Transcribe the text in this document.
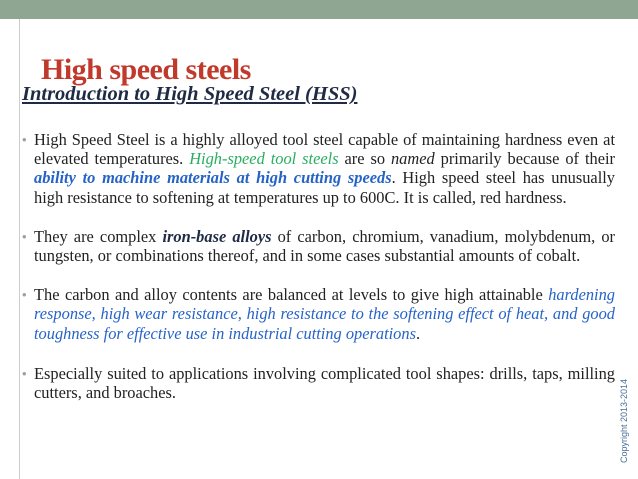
High speed steels
Introduction to High Speed Steel (HSS)

• High Speed Steel is a highly alloyed tool steel capable of maintaining hardness even at elevated temperatures. High-speed tool steels are so named primarily because of their ability to machine materials at high cutting speeds. High speed steel has unusually high resistance to softening at temperatures up to 600C. It is called, red hardness.

• They are complex iron-base alloys of carbon, chromium, vanadium, molybdenum, or tungsten, or combinations thereof, and in some cases substantial amounts of cobalt.

• The carbon and alloy contents are balanced at levels to give high attainable hardening response, high wear resistance, high resistance to the softening effect of heat, and good toughness for effective use in industrial cutting operations.

• Especially suited to applications involving complicated tool shapes: drills, taps, milling cutters, and broaches.	Copyright 2013-2014
